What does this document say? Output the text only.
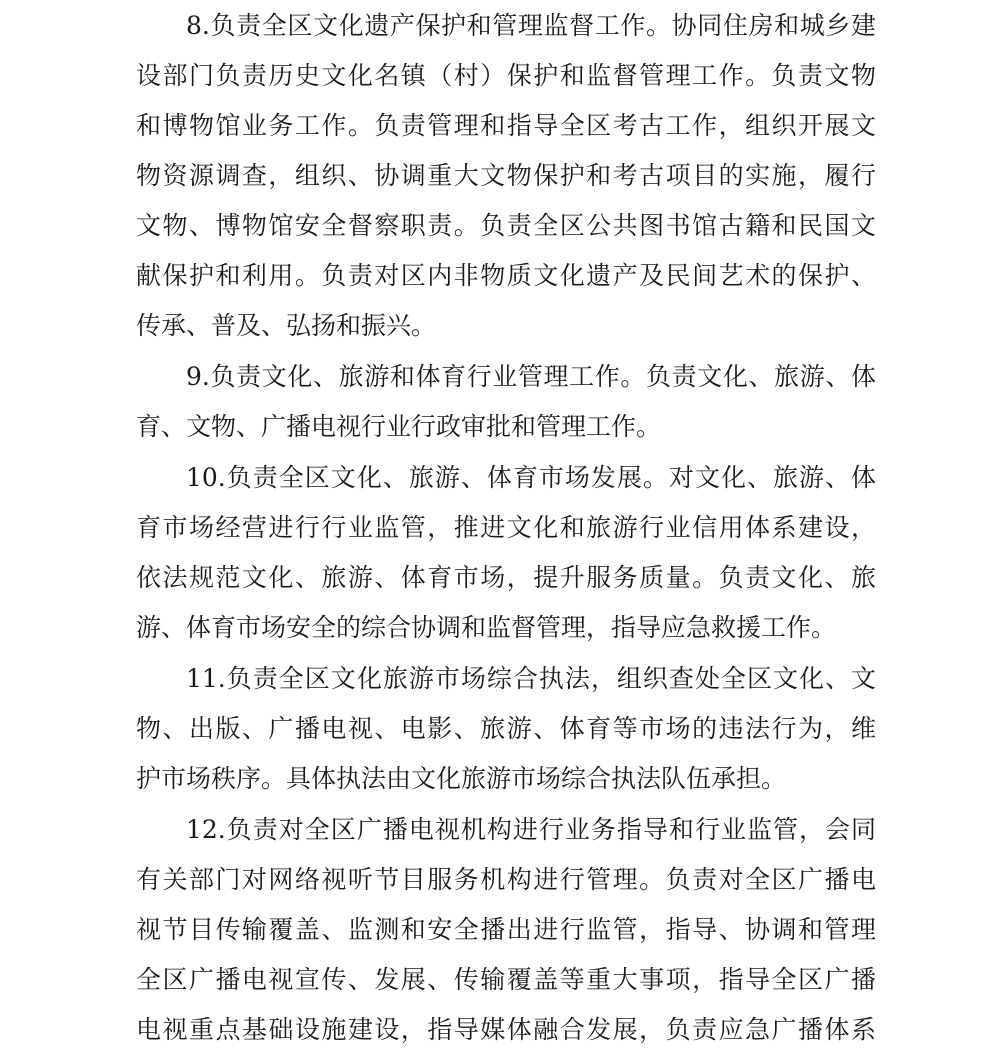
8.负责全区文化遗产保护和管理监督工作。协同住房和城乡建
设部门负责历史文化名镇（村）保护和监督管理工作。负责文物
和博物馆业务工作。负责管理和指导全区考古工作，组织开展文
物资源调查，组织、协调重大文物保护和考古项目的实施，履行
文物、博物馆安全督察职责。负责全区公共图书馆古籍和民国文
献保护和利用。负责对区内非物质文化遗产及民间艺术的保护、
传承、普及、弘扬和振兴。
9.负责文化、旅游和体育行业管理工作。负责文化、旅游、体
育、文物、广播电视行业行政审批和管理工作。
10.负责全区文化、旅游、体育市场发展。对文化、旅游、体
育市场经营进行行业监管，推进文化和旅游行业信用体系建设，
依法规范文化、旅游、体育市场，提升服务质量。负责文化、旅
游、体育市场安全的综合协调和监督管理，指导应急救援工作。
11.负责全区文化旅游市场综合执法，组织查处全区文化、文
物、出版、广播电视、电影、旅游、体育等市场的违法行为，维
护市场秩序。具体执法由文化旅游市场综合执法队伍承担。
12.负责对全区广播电视机构进行业务指导和行业监管，会同
有关部门对网络视听节目服务机构进行管理。负责对全区广播电
视节目传输覆盖、监测和安全播出进行监管，指导、协调和管理
全区广播电视宣传、发展、传输覆盖等重大事项，指导全区广播
电视重点基础设施建设，指导媒体融合发展，负责应急广播体系
